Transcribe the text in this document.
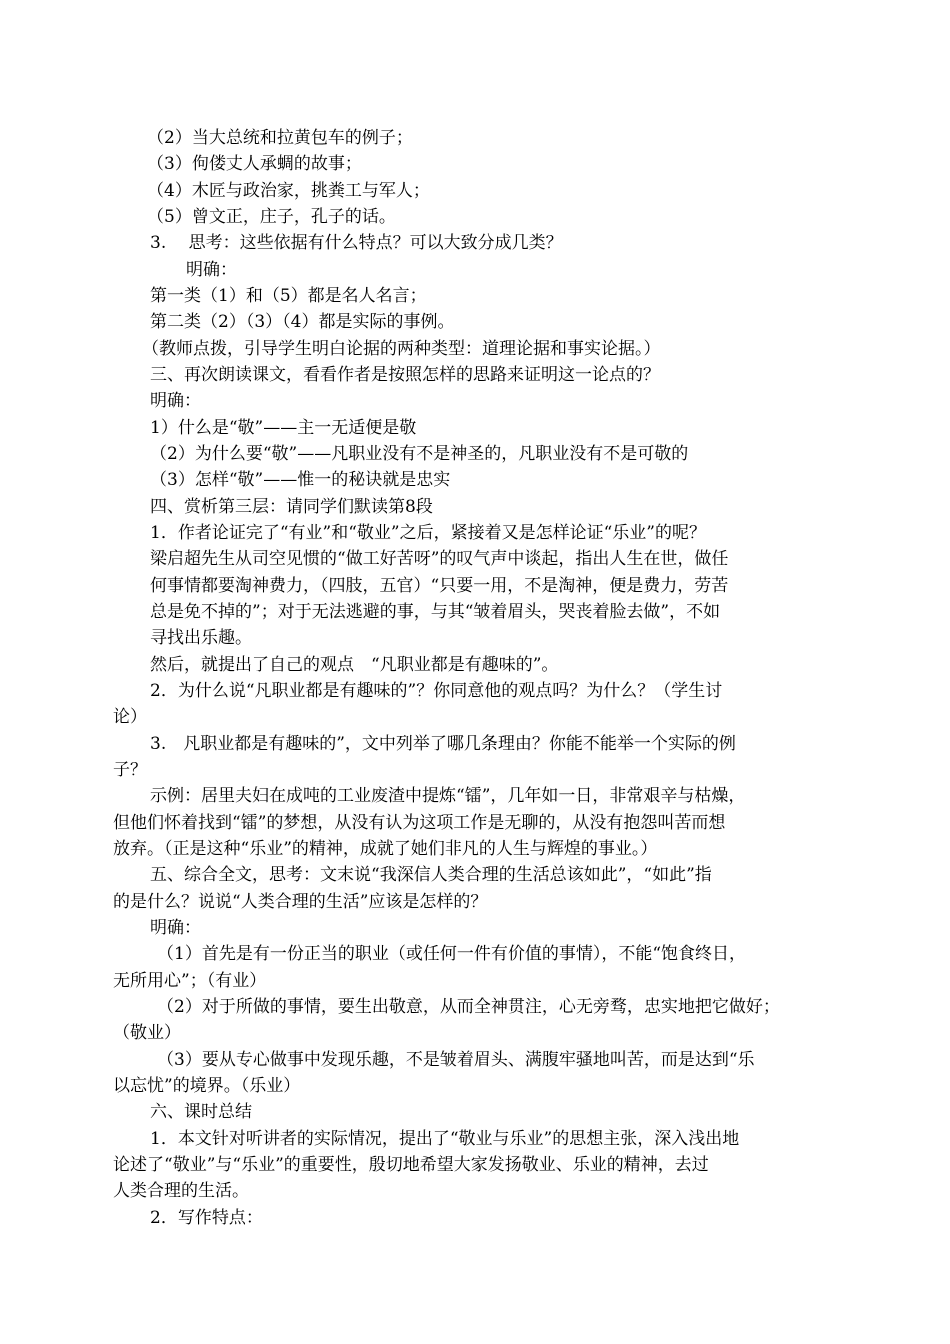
（2）当大总统和拉黄包车的例子；
（3）佝偻丈人承蜩的故事；
（4）木匠与政治家，挑粪工与军人；
（5）曾文正，庄子，孔子的话。
3.　 思考：这些依据有什么特点？可以大致分成几类？
明确：
第一类（1）和（5）都是名人名言；
第二类（2）（3）（4）都是实际的事例。
（教师点拨，引导学生明白论据的两种类型：道理论据和事实论据。）
三、再次朗读课文，看看作者是按照怎样的思路来证明这一论点的？
明确：
1）什么是“敬”——主一无适便是敬
（2）为什么要“敬”——凡职业没有不是神圣的，凡职业没有不是可敬的
（3）怎样“敬”——惟一的秘诀就是忠实
四、赏析第三层：请同学们默读第8段
1．作者论证完了“有业”和“敬业”之后，紧接着又是怎样论证“乐业”的呢？
梁启超先生从司空见惯的“做工好苦呀”的叹气声中谈起，指出人生在世，做任
何事情都要淘神费力，（四肢，五官）“只要一用，不是淘神，便是费力，劳苦
总是免不掉的”；对于无法逃避的事，与其“皱着眉头，哭丧着脸去做”，不如
寻找出乐趣。
然后，就提出了自己的观点　“凡职业都是有趣味的”。
2．为什么说“凡职业都是有趣味的”？你同意他的观点吗？为什么？（学生讨
论）
3.　凡职业都是有趣味的”，文中列举了哪几条理由？你能不能举一个实际的例
子？
示例：居里夫妇在成吨的工业废渣中提炼“镭”，几年如一日，非常艰辛与枯燥，
但他们怀着找到“镭”的梦想，从没有认为这项工作是无聊的，从没有抱怨叫苦而想
放弃。（正是这种“乐业”的精神，成就了她们非凡的人生与辉煌的事业。）
五、综合全文，思考：文末说“我深信人类合理的生活总该如此”，“如此”指
的是什么？说说“人类合理的生活”应该是怎样的？
明确：
（1）首先是有一份正当的职业（或任何一件有价值的事情），不能“饱食终日，
无所用心”；（有业）
（2）对于所做的事情，要生出敬意，从而全神贯注，心无旁骛，忠实地把它做好；
（敬业）
（3）要从专心做事中发现乐趣，不是皱着眉头、满腹牢骚地叫苦，而是达到“乐
以忘忧”的境界。（乐业）
六、课时总结
1．本文针对听讲者的实际情况，提出了“敬业与乐业”的思想主张，深入浅出地
论述了“敬业”与“乐业”的重要性，殷切地希望大家发扬敬业、乐业的精神，去过
人类合理的生活。
2．写作特点：
